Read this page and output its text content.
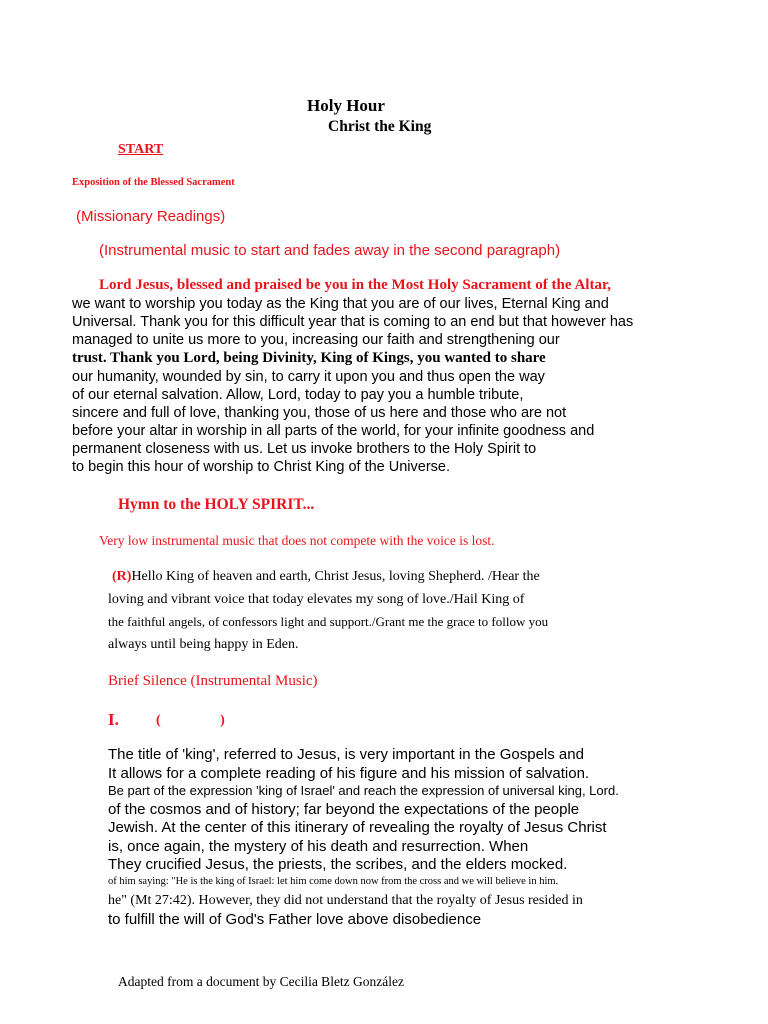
Holy Hour

Christ the King

START

Exposition of the Blessed Sacrament

(Missionary Readings)

(Instrumental music to start and fades away in the second paragraph)

Lord Jesus, blessed and praised be you in the Most Holy Sacrament of the Altar,

we want to worship you today as the King that you are of our lives, Eternal King and

Universal. Thank you for this difficult year that is coming to an end but that however has

managed to unite us more to you, increasing our faith and strengthening our

trust. Thank you Lord, being Divinity, King of Kings, you wanted to share

our humanity, wounded by sin, to carry it upon you and thus open the way

of our eternal salvation. Allow, Lord, today to pay you a humble tribute,

sincere and full of love, thanking you, those of us here and those who are not

before your altar in worship in all parts of the world, for your infinite goodness and

permanent closeness with us. Let us invoke brothers to the Holy Spirit to

to begin this hour of worship to Christ King of the Universe.

Hymn to the HOLY SPIRIT...

Very low instrumental music that does not compete with the voice is lost.

(R)Hello King of heaven and earth, Christ Jesus, loving Shepherd. /Hear the

loving and vibrant voice that today elevates my song of love./Hail King of

the faithful angels, of confessors light and support./Grant me the grace to follow you

always until being happy in Eden.

Brief Silence (Instrumental Music)

I.	(                 )

The title of 'king', referred to Jesus, is very important in the Gospels and

It allows for a complete reading of his figure and his mission of salvation.

Be part of the expression 'king of Israel' and reach the expression of universal king, Lord.

of the cosmos and of history; far beyond the expectations of the people

Jewish. At the center of this itinerary of revealing the royalty of Jesus Christ

is, once again, the mystery of his death and resurrection. When

They crucified Jesus, the priests, the scribes, and the elders mocked.

of him saying: "He is the king of Israel: let him come down now from the cross and we will believe in him.

he" (Mt 27:42). However, they did not understand that the royalty of Jesus resided in

to fulfill the will of God's Father love above disobedience

Adapted from a document by Cecilia Bletz González
